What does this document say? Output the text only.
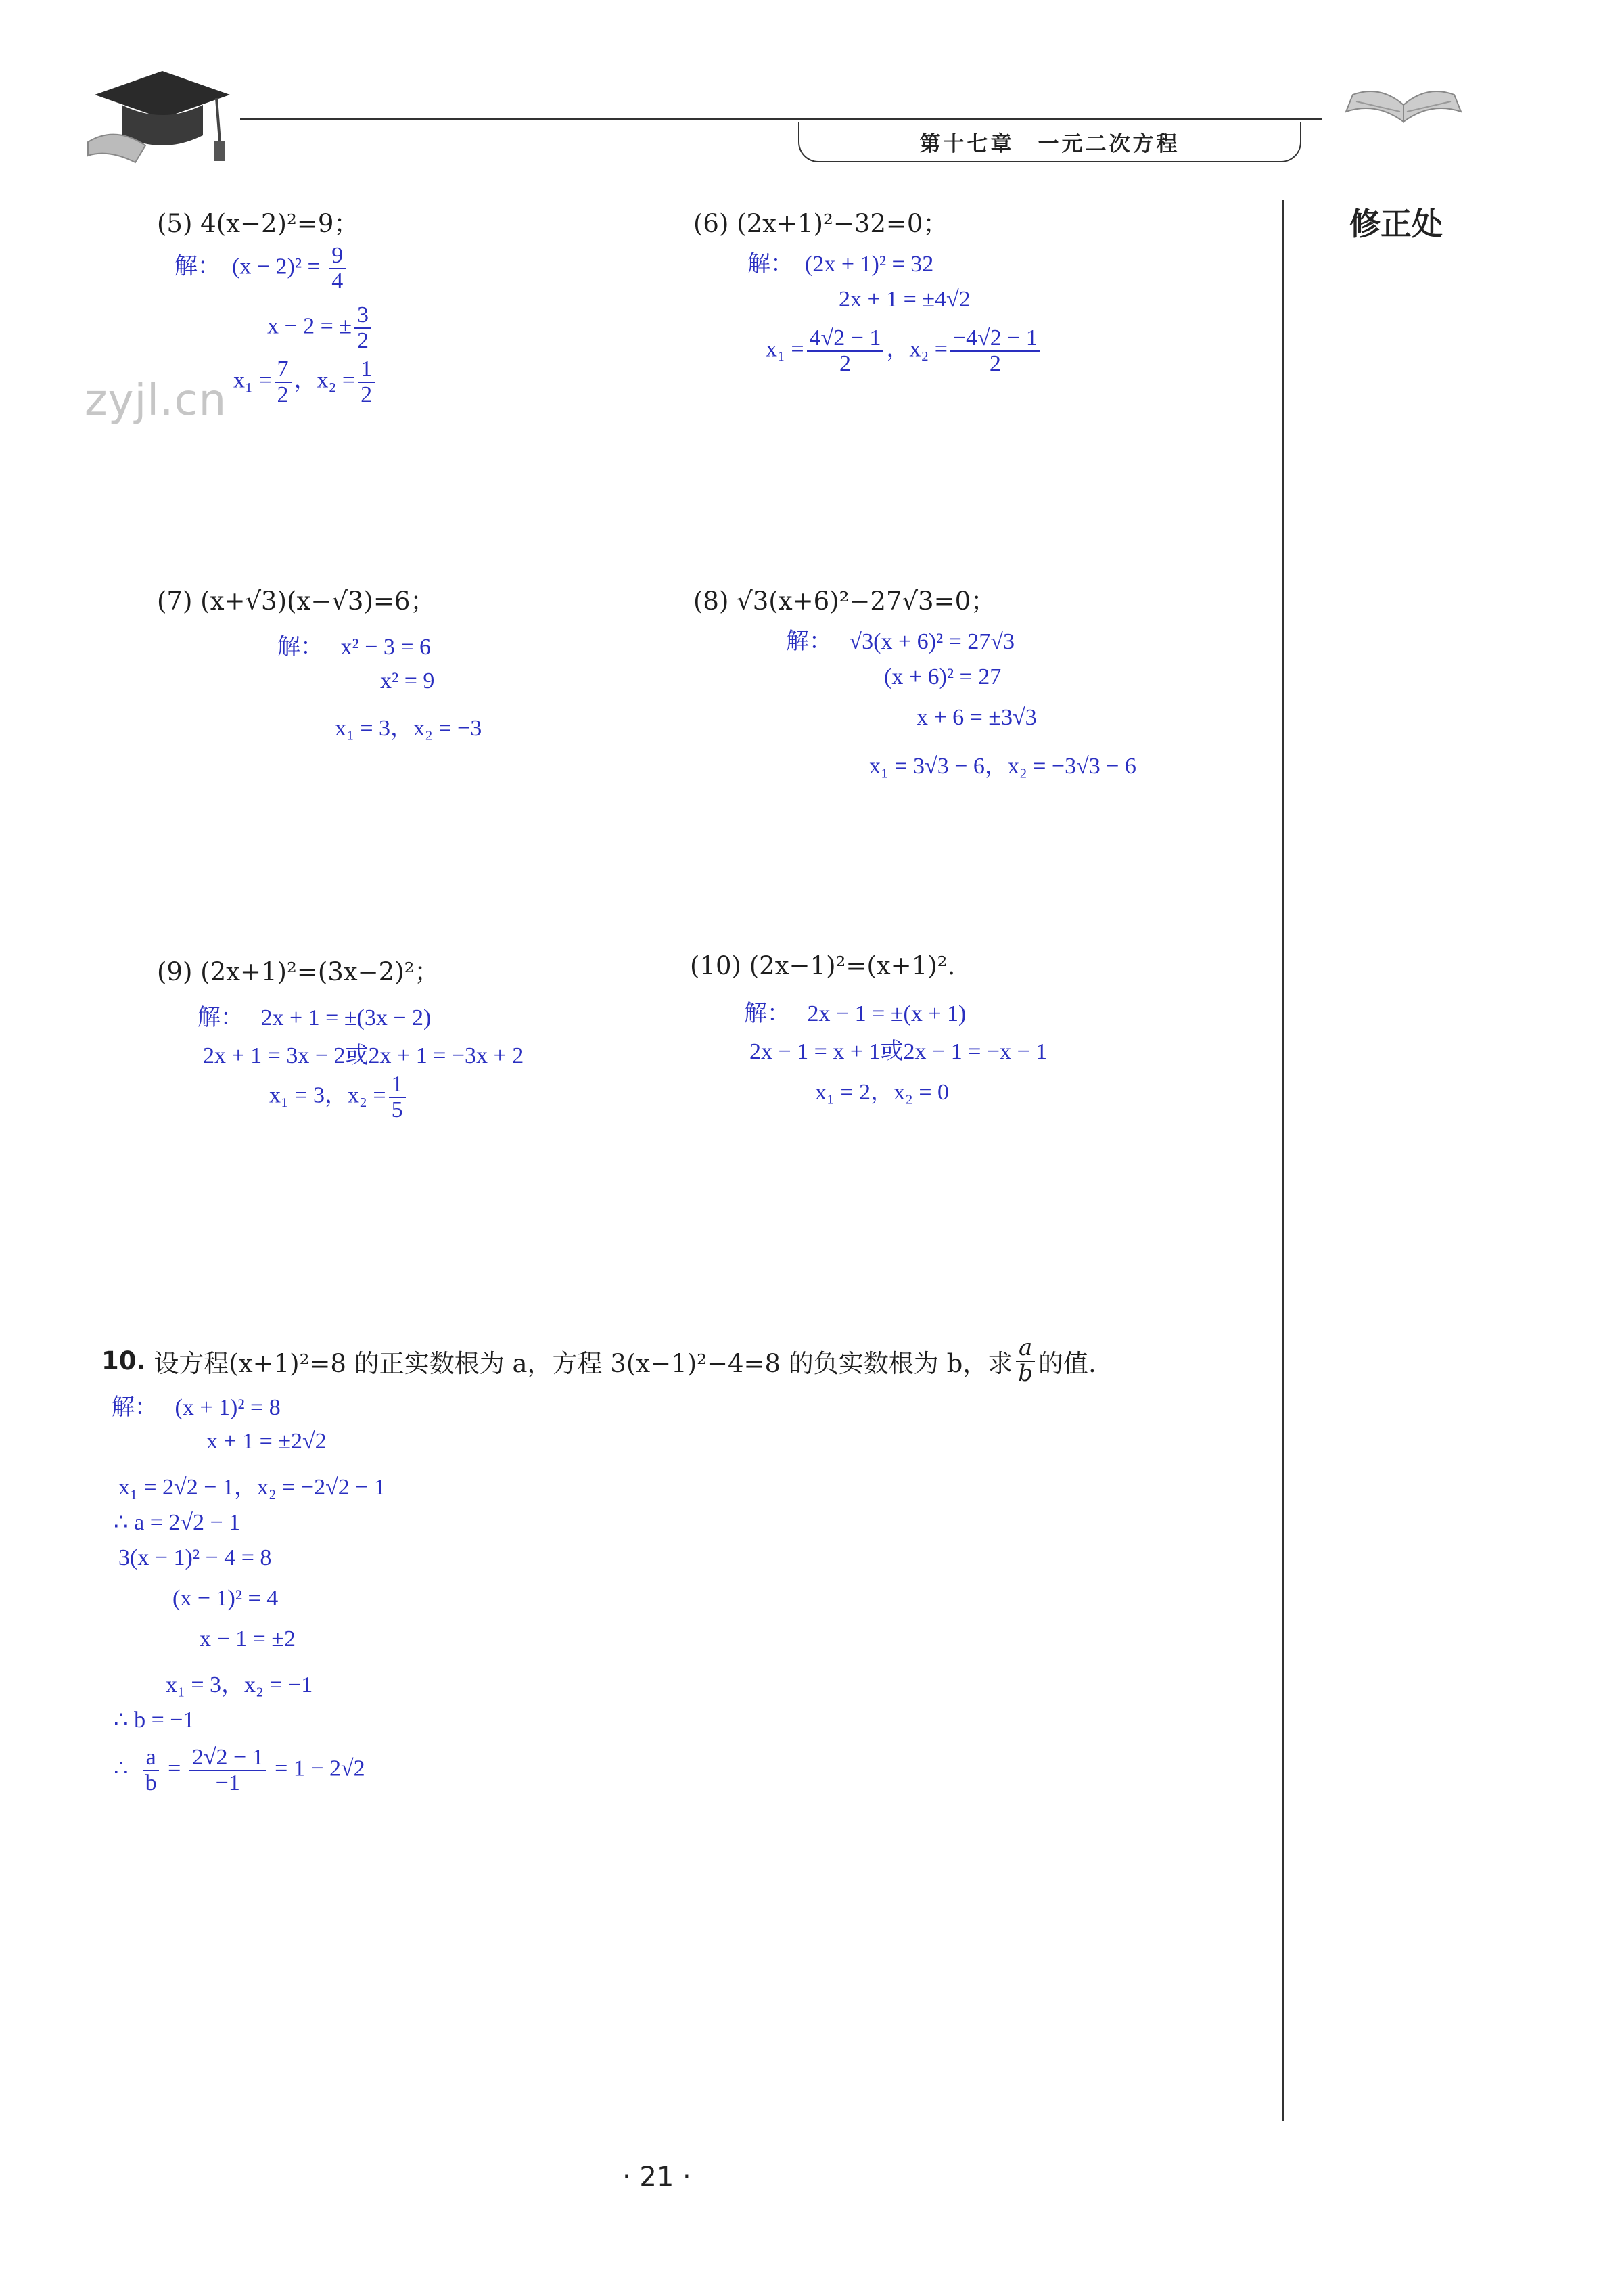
第十七章　一元二次方程
修正处
zyjl.cn
(5) 4(x−2)²=9；
解： $(x - 2)^2 = \frac{9}{4}$
x − 2 = ± $\frac{3}{2}$
$x_1 = \frac{7}{2}$ ，$x_2 = \frac{1}{2}$
(6) (2x+1)²−32=0；
解： (2x + 1)² = 32
2x + 1 = ±4√2
$x_1 = \frac{4√2 - 1}{2}$ ，$x_2 = \frac{-4√2 - 1}{2}$
(7) (x+√3)(x−√3)=6；
解： x² − 3 = 6
x² = 9
x₁ = 3，x₂ = −3
(8) √3(x+6)²−27√3=0；
解： √3(x + 6)² = 27√3
(x + 6)² = 27
x + 6 = ±3√3
x₁ = 3√3 − 6，x₂ = −3√3 − 6
(9) (2x+1)²=(3x−2)²；
解： 2x + 1 = ±(3x − 2)
2x + 1 = 3x − 2或2x + 1 = −3x + 2
x₁ = 3，$x_2 = \frac{1}{5}$
(10) (2x−1)²=(x+1)².
解： 2x − 1 = ±(x + 1)
2x − 1 = x + 1或2x − 1 = −x − 1
x₁ = 2，x₂ = 0
10.
设方程(x+1)²=8 的正实数根为 a，方程 3(x−1)²−4=8 的负实数根为 b，求 $\frac{a}{b}$ 的值.
解： (x + 1)² = 8
x + 1 = ±2√2
x₁ = 2√2 − 1，x₂ = −2√2 − 1
∴ a = 2√2 − 1
3(x − 1)² − 4 = 8
(x − 1)² = 4
x − 1 = ±2
x₁ = 3，x₂ = −1
∴ b = −1
∴ $\frac{a}{b} = \frac{2√2 - 1}{-1} = 1 - 2√2$
· 21 ·
